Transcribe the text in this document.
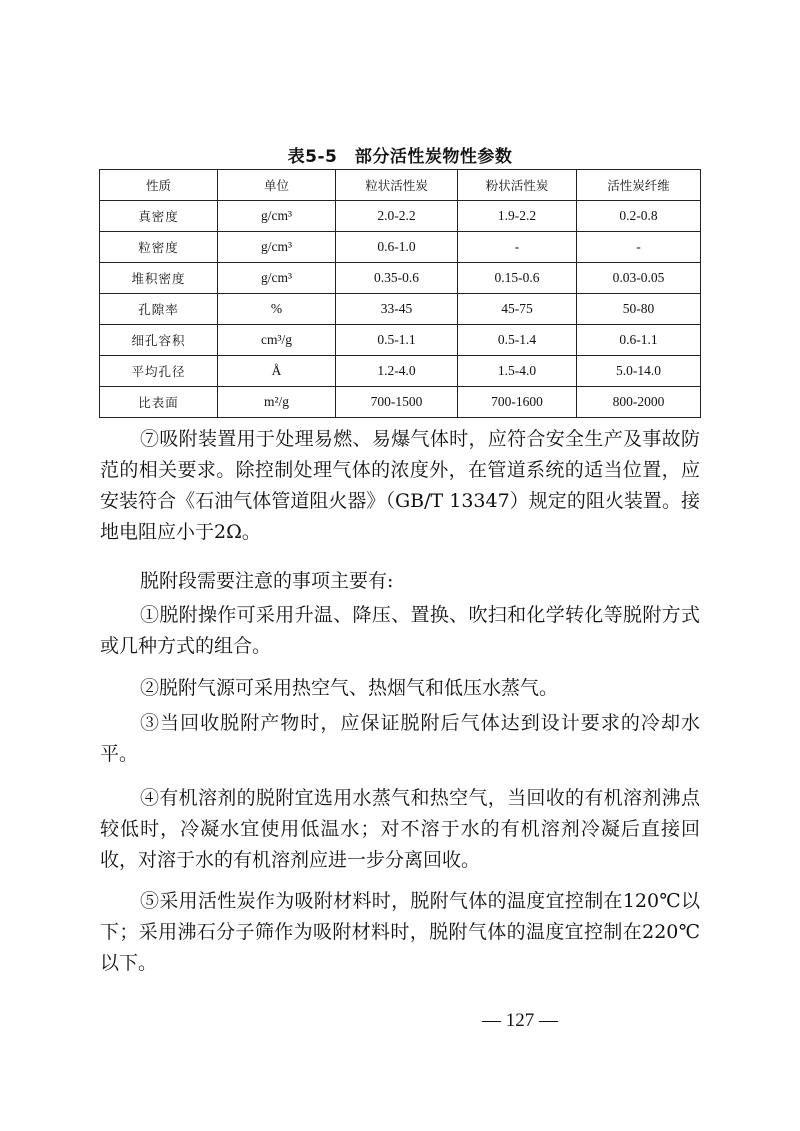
表5-5　部分活性炭物性参数
性质	单位	粒状活性炭	粉状活性炭	活性炭纤维
真密度	g/cm³	2.0-2.2	1.9-2.2	0.2-0.8
粒密度	g/cm³	0.6-1.0	-	-
堆积密度	g/cm³	0.35-0.6	0.15-0.6	0.03-0.05
孔隙率	%	33-45	45-75	50-80
细孔容积	cm³/g	0.5-1.1	0.5-1.4	0.6-1.1
平均孔径	Å	1.2-4.0	1.5-4.0	5.0-14.0
比表面	m²/g	700-1500	700-1600	800-2000

⑦吸附装置用于处理易燃、易爆气体时，应符合安全生产及事故防范的相关要求。除控制处理气体的浓度外，在管道系统的适当位置，应安装符合《石油气体管道阻火器》（GB/T 13347）规定的阻火装置。接地电阻应小于2Ω。

脱附段需要注意的事项主要有:

①脱附操作可采用升温、降压、置换、吹扫和化学转化等脱附方式或几种方式的组合。

②脱附气源可采用热空气、热烟气和低压水蒸气。

③当回收脱附产物时，应保证脱附后气体达到设计要求的冷却水平。

④有机溶剂的脱附宜选用水蒸气和热空气，当回收的有机溶剂沸点较低时，冷凝水宜使用低温水；对不溶于水的有机溶剂冷凝后直接回收，对溶于水的有机溶剂应进一步分离回收。

⑤采用活性炭作为吸附材料时，脱附气体的温度宜控制在120℃以下；采用沸石分子筛作为吸附材料时，脱附气体的温度宜控制在220℃以下。

— 127 —
